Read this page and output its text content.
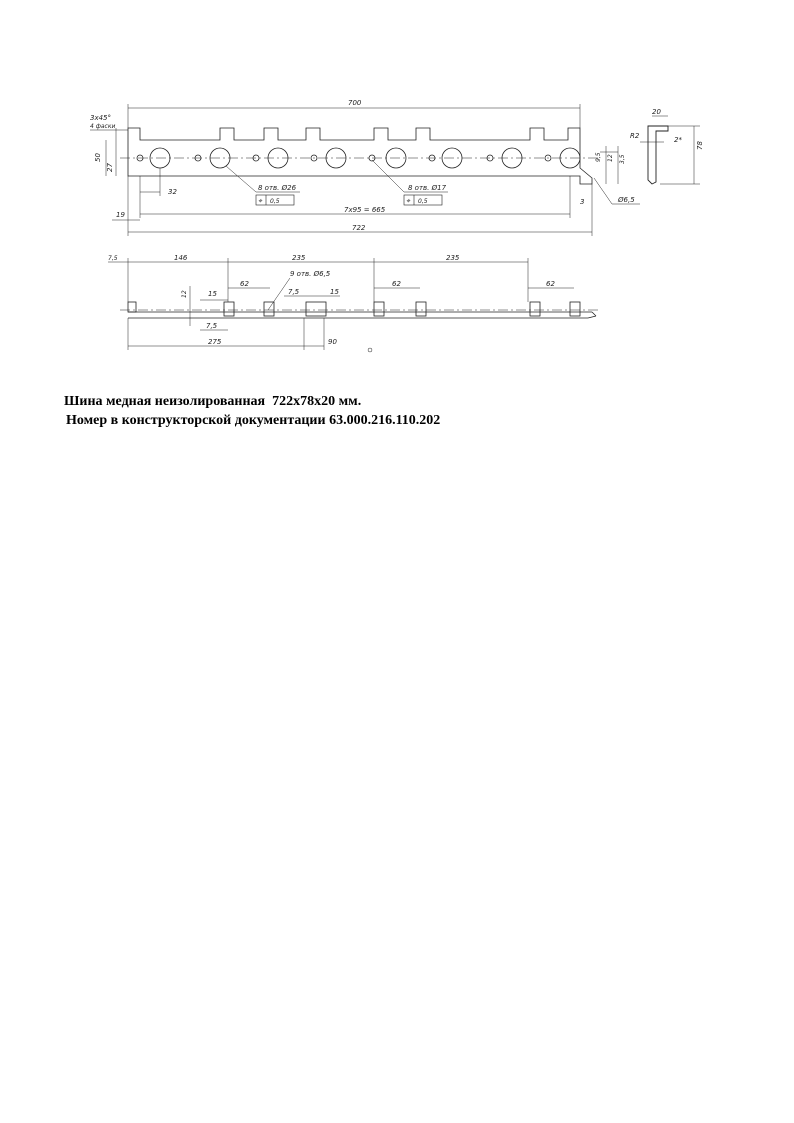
3x45°
4 фаски
700
50
27
32
19
7х95 = 665
722
8 отв. Ø26	8 отв. Ø17
0,5	0,5
⌖	⌖
20
R2	2*
78
9,5 12 3,5
3	Ø6,5
7,5	146	235	235
62	62	62
15	15
12	7,5
7,5
275	90
9 отв. Ø6,5
Шина медная неизолированная  722x78x20 мм.
Номер в конструкторской документации 63.000.216.110.202
